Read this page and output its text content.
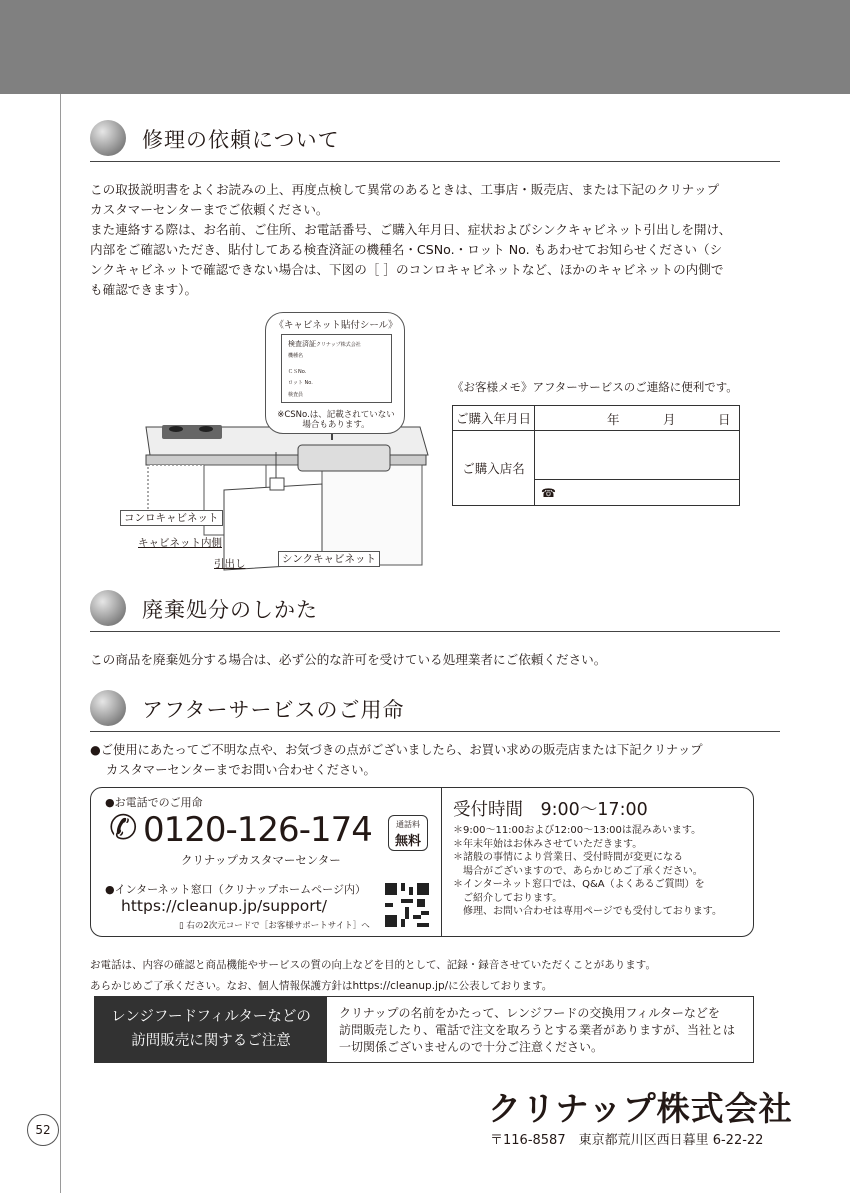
修理の依頼について

この取扱説明書をよくお読みの上、再度点検して異常のあるときは、工事店・販売店、または下記のクリナップ

カスタマーセンターまでご依頼ください。

また連絡する際は、お名前、ご住所、お電話番号、ご購入年月日、症状およびシンクキャビネット引出しを開け、

内部をご確認いただき、貼付してある検査済証の機種名・CSNo.・ロット No. もあわせてお知らせください（シ

ンクキャビネットで確認できない場合は、下図の［ ］のコンロキャビネットなど、ほかのキャビネットの内側で

も確認できます）。

《キャビネット貼付シール》
検査済証クリナップ株式会社
機種名
ＣＳNo.
ロット No.
検査員
※CSNo.は、記載されていない
場合もあります。
コンロキャビネット
キャビネット内側
引出し	シンクキャビネット
《お客様メモ》アフターサービスのご連絡に便利です。
ご購入年月日	年	月	日
ご購入店名
☎
廃棄処分のしかた

この商品を廃棄処分する場合は、必ず公的な許可を受けている処理業者にご依頼ください。

アフターサービスのご用命

●ご使用にあたってご不明な点や、お気づきの点がございましたら、お買い求めの販売店または下記クリナップ

カスタマーセンターまでお問い合わせください。

●お電話でのご用命
✆ 0120-126-174	通話料
無料
クリナップカスタマーセンター
●インターネット窓口（クリナップホームページ内）
https://cleanup.jp/support/
▯ 右の2次元コードで［お客様サポートサイト］へ
受付時間　 9:00〜17:00
＊9:00〜11:00および12:00〜13:00は混みあいます。
＊年末年始はお休みさせていただきます。
＊諸般の事情により営業日、受付時間が変更になる
　場合がございますので、あらかじめご了承ください。
＊インターネット窓口では、Q&A（よくあるご質問）を
　ご紹介しております。
　修理、お問い合わせは専用ページでも受付しております。

お電話は、内容の確認と商品機能やサービスの質の向上などを目的として、記録・録音させていただくことがあります。

あらかじめご了承ください。なお、個人情報保護方針はhttps://cleanup.jp/に公表しております。

レンジフードフィルターなどの
訪問販売に関するご注意
クリナップの名前をかたって、レンジフードの交換用フィルターなどを
訪問販売したり、電話で注文を取ろうとする業者がありますが、当社とは
一切関係ございませんので十分ご注意ください。
52
クリナップ株式会社
〒116-8587　東京都荒川区西日暮里 6-22-22
